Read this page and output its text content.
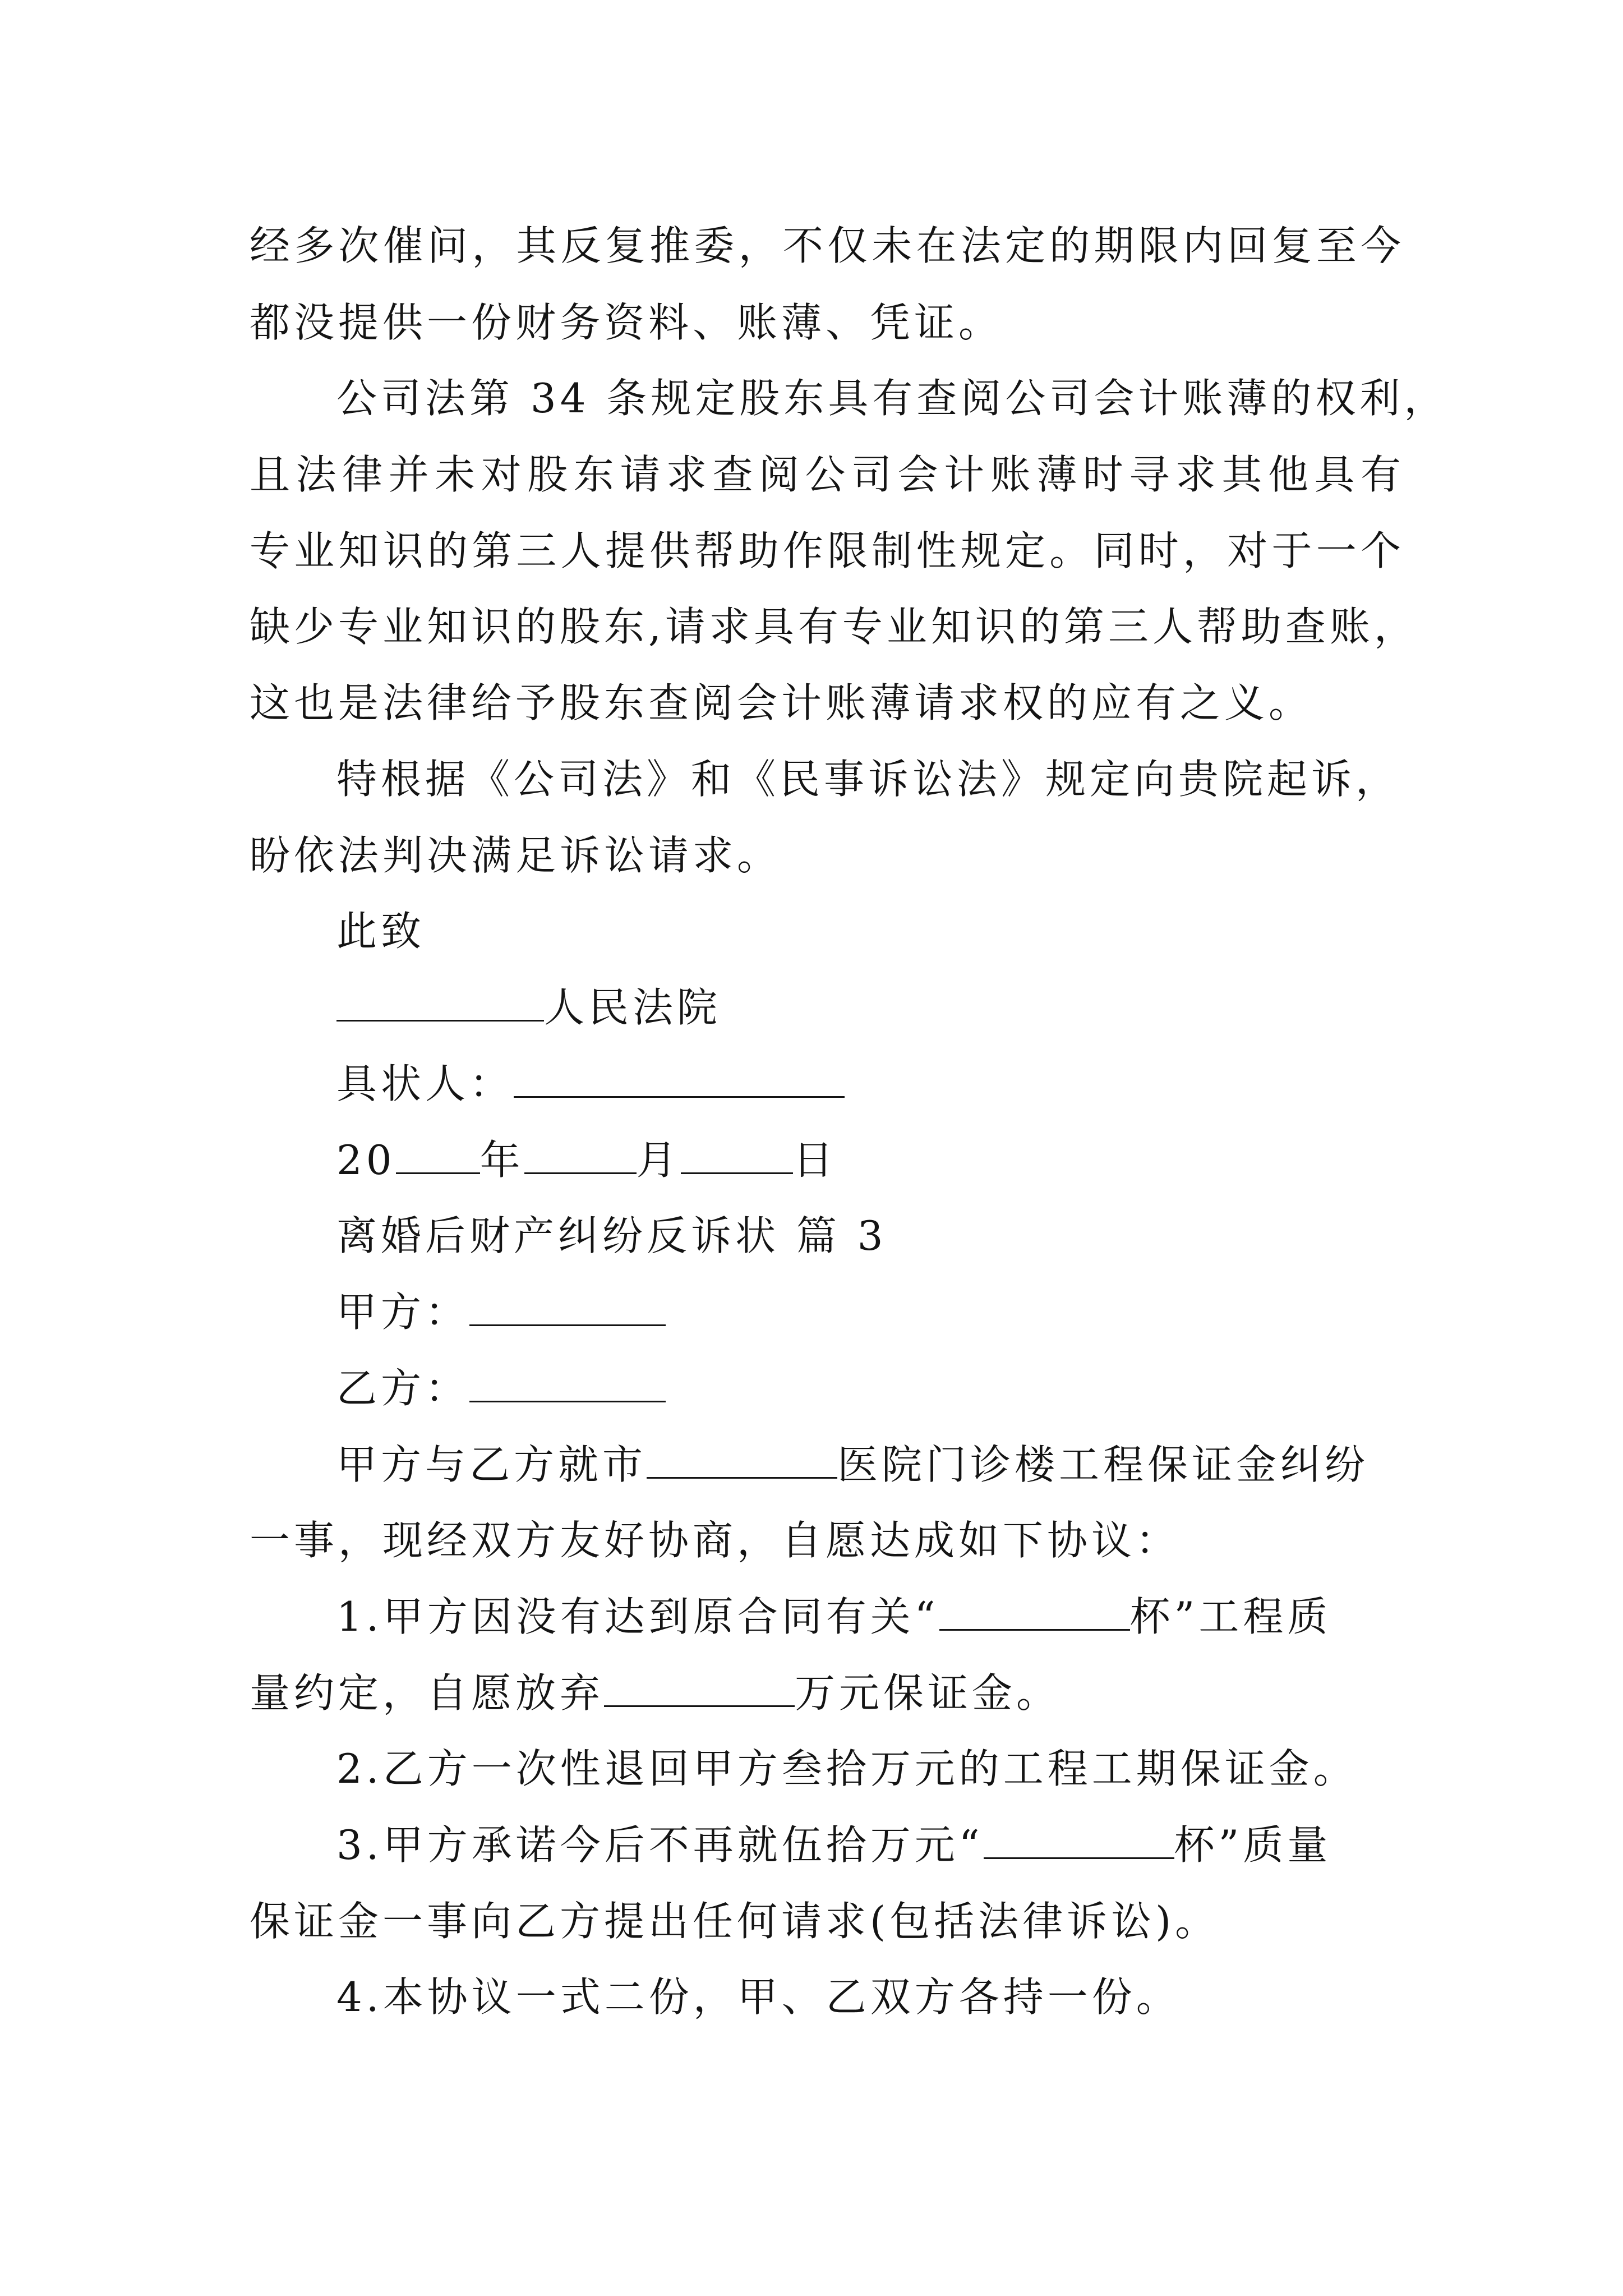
经多次催问，其反复推委，不仅未在法定的期限内回复至今
都没提供一份财务资料、账薄、凭证。
公司法第 34 条规定股东具有查阅公司会计账薄的权利，
且法律并未对股东请求查阅公司会计账薄时寻求其他具有
专业知识的第三人提供帮助作限制性规定。同时，对于一个
缺少专业知识的股东,请求具有专业知识的第三人帮助查账，
这也是法律给予股东查阅会计账薄请求权的应有之义。
特根据《公司法》和《民事诉讼法》规定向贵院起诉，
盼依法判决满足诉讼请求。
此致
人民法院
具状人：
20 年	月	日
离婚后财产纠纷反诉状 篇 3
甲方：
乙方：
甲方与乙方就市	医院门诊楼工程保证金纠纷
一事，现经双方友好协商，自愿达成如下协议：
1.甲方因没有达到原合同有关“	杯”工程质
量约定，自愿放弃	万元保证金。
2.乙方一次性退回甲方叁拾万元的工程工期保证金。
3.甲方承诺今后不再就伍拾万元“	杯”质量
保证金一事向乙方提出任何请求(包括法律诉讼)。
4.本协议一式二份，甲、乙双方各持一份。
